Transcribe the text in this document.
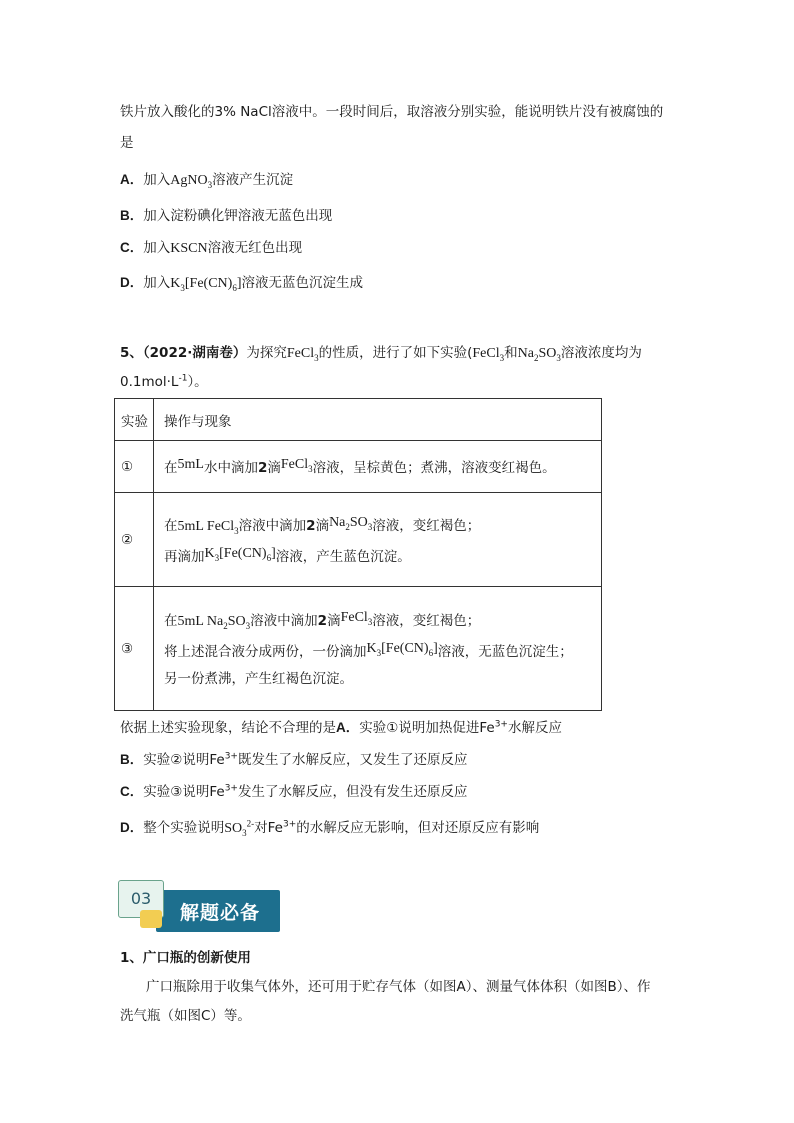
铁片放入酸化的3% NaCl溶液中。一段时间后，取溶液分别实验，能说明铁片没有被腐蚀的
是
A．加入AgNO$_3$溶液产生沉淀
B．加入淀粉碘化钾溶液无蓝色出现
C．加入KSCN溶液无红色出现
D．加入$K_3[Fe(CN)_6]$溶液无蓝色沉淀生成
5、（2022·湖南卷）为探究FeCl$_3$的性质，进行了如下实验(FeCl$_3$和$Na_2SO_3$溶液浓度均为
$0.1mol\cdot L^{-1}$）。
实验	操作与现象
①	在5mL水中滴加2滴FeCl$_3$溶液，呈棕黄色；煮沸，溶液变红褐色。

②	在5mL FeCl$_3$溶液中滴加2滴$Na_2SO_3$溶液，变红褐色；
再滴加$K_3[Fe(CN)_6]$溶液，产生蓝色沉淀。

③	在5mL $Na_2SO_3$溶液中滴加2滴FeCl$_3$溶液，变红褐色；
将上述混合液分成两份，一份滴加$K_3[Fe(CN)_6]$溶液，无蓝色沉淀生；
另一份煮沸，产生红褐色沉淀。
依据上述实验现象，结论不合理的是A．实验①说明加热促进$Fe^{3+}$水解反应
B．实验②说明$Fe^{3+}$既发生了水解反应，又发生了还原反应
C．实验③说明$Fe^{3+}$发生了水解反应，但没有发生还原反应
D．整个实验说明$SO_3^{2-}$对$Fe^{3+}$的水解反应无影响，但对还原反应有影响
解题必备
03
1、广口瓶的创新使用
广口瓶除用于收集气体外，还可用于贮存气体（如图A）、测量气体体积（如图B）、作
洗气瓶（如图C）等。
